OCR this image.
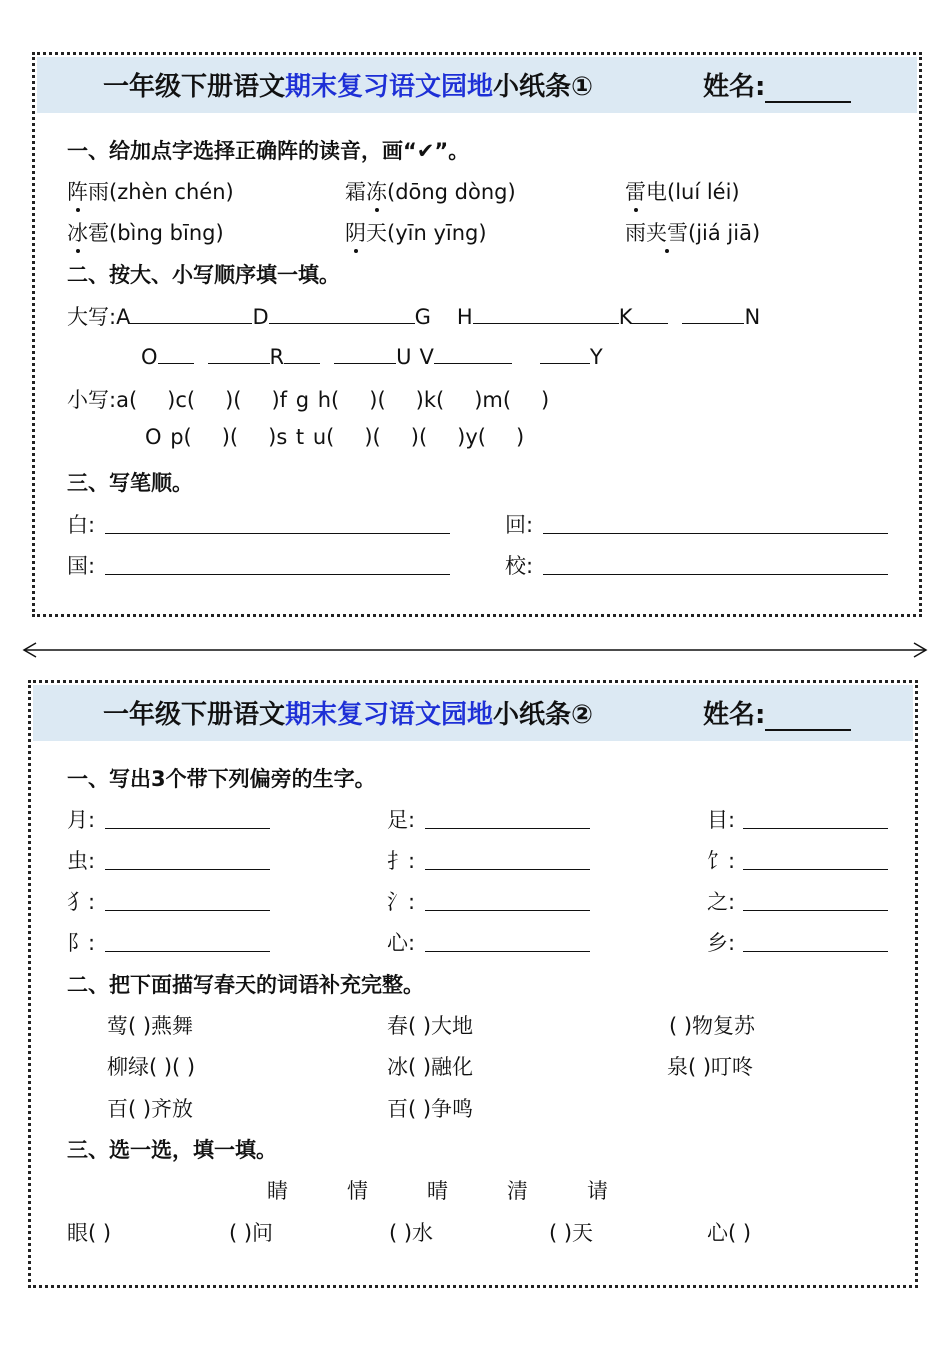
一年级下册语文期末复习语文园地小纸条①	姓名:
一、给加点字选择正确阵的读音，画“✔”。
阵雨(zhèn chén)	霜冻(dōng dòng)	雷电(luí léi)
冰雹(bìng bīng)	阴天(yīn yīng)	雨夹雪(jiá jiā)
二、按大、小写顺序填一填。
大写:A	D	G H	K	N
O	R	U V	Y
小写:a( )c( )( )f g h( )( )k( )m( )
O p( )( )s t u( )( )( )y( )
三、写笔顺。
白:	回:
国:	校:
一年级下册语文期末复习语文园地小纸条②	姓名:
一、写出3个带下列偏旁的生字。
月:	足:	目:
虫:	扌:	饣:
犭:	氵:	之:
阝:	心:	乡:
二、把下面描写春天的词语补充完整。
莺( )燕舞	春( )大地	( )物复苏
柳绿( )( )	冰( )融化	泉( )叮咚
百( )齐放	百( )争鸣
三、选一选，填一填。
睛	情	晴	清	请
眼( )	( )问	( )水	( )天	心( )
